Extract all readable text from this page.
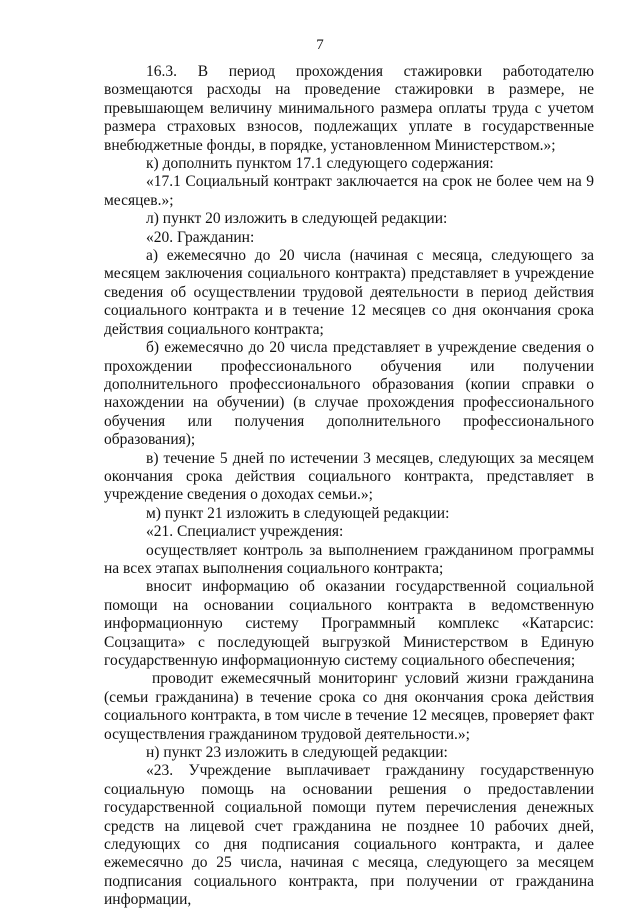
7

16.3. В период прохождения стажировки работодателю возмещаются расходы на проведение стажировки в размере, не превышающем величину минимального размера оплаты труда с учетом размера страховых взносов, подлежащих уплате в государственные внебюджетные фонды, в порядке, установленном Министерством.»;

к) дополнить пунктом 17.1 следующего содержания:

«17.1 Социальный контракт заключается на срок не более чем на 9 месяцев.»;

л) пункт 20 изложить в следующей редакции:

«20. Гражданин:

а) ежемесячно до 20 числа (начиная с месяца, следующего за месяцем заключения социального контракта) представляет в учреждение сведения об осуществлении трудовой деятельности в период действия социального контракта и в течение 12 месяцев со дня окончания срока действия социального контракта;

б) ежемесячно до 20 числа представляет в учреждение сведения о прохождении профессионального обучения или получении дополнительного профессионального образования (копии справки о нахождении на обучении) (в случае прохождения профессионального обучения или получения дополнительного профессионального образования);

в) течение 5 дней по истечении 3 месяцев, следующих за месяцем окончания срока действия социального контракта, представляет в учреждение сведения о доходах семьи.»;

м) пункт 21 изложить в следующей редакции:

«21. Специалист учреждения:

осуществляет контроль за выполнением гражданином программы на всех этапах выполнения социального контракта;

вносит информацию об оказании государственной социальной помощи на основании социального контракта в ведомственную информационную систему Программный комплекс «Катарсис: Соцзащита» с последующей выгрузкой Министерством в Единую государственную информационную систему социального обеспечения;

проводит ежемесячный мониторинг условий жизни гражданина (семьи гражданина) в течение срока со дня окончания срока действия социального контракта, в том числе в течение 12 месяцев, проверяет факт осуществления гражданином трудовой деятельности.»;

н) пункт 23 изложить в следующей редакции:

«23. Учреждение выплачивает гражданину государственную социальную помощь на основании решения о предоставлении государственной социальной помощи путем перечисления денежных средств на лицевой счет гражданина не позднее 10 рабочих дней, следующих со дня подписания социального контракта, и далее ежемесячно до 25 числа, начиная с месяца, следующего за месяцем подписания социального контракта, при получении от гражданина информации,
